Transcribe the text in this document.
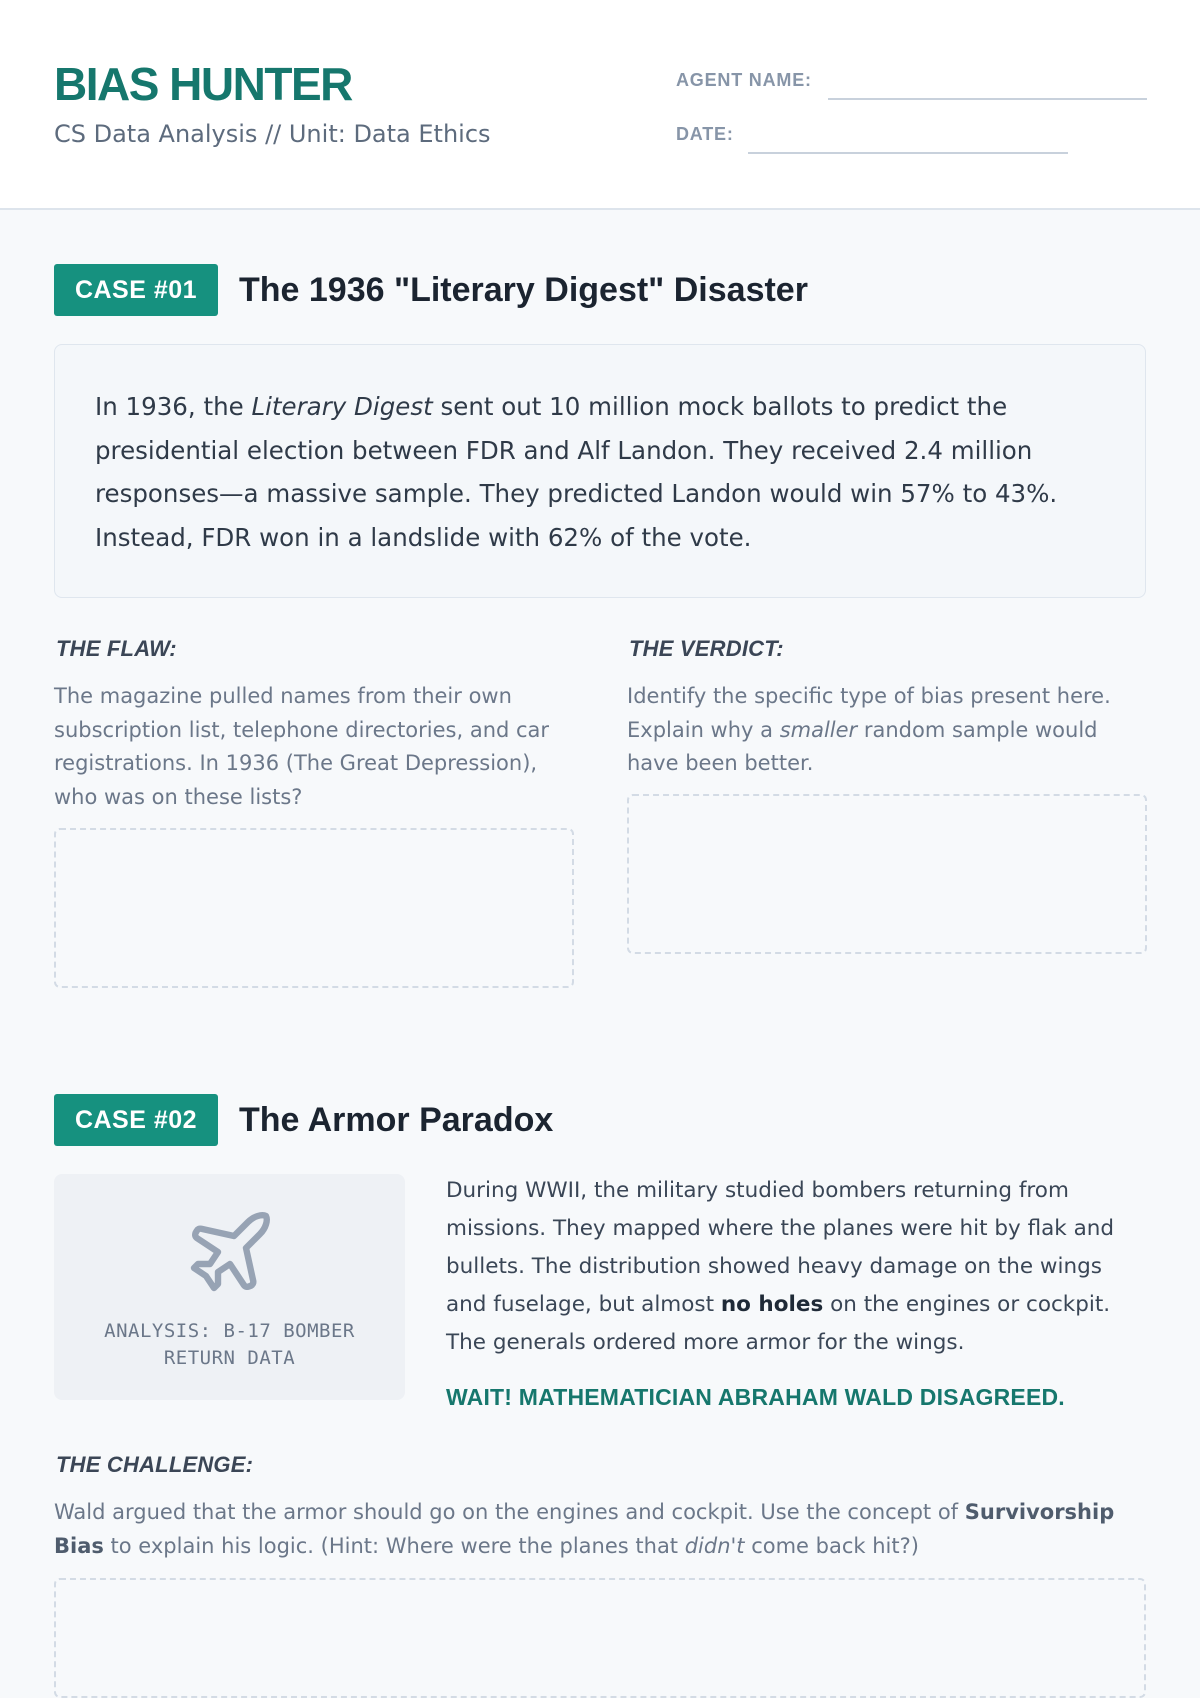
BIAS HUNTER
CS Data Analysis // Unit: Data Ethics
AGENT NAME:
DATE:
CASE #01	The 1936 "Literary Digest" Disaster
In 1936, the Literary Digest sent out 10 million mock ballots to predict the presidential election between FDR and Alf Landon. They received 2.4 million responses—a massive sample. They predicted Landon would win 57% to 43%. Instead, FDR won in a landslide with 62% of the vote.
THE FLAW:
The magazine pulled names from their own subscription list, telephone directories, and car registrations. In 1936 (The Great Depression), who was on these lists?
THE VERDICT:
Identify the specific type of bias present here. Explain why a smaller random sample would have been better.
CASE #02	The Armor Paradox
ANALYSIS: B-17 BOMBER
RETURN DATA
During WWII, the military studied bombers returning from missions. They mapped where the planes were hit by flak and bullets. The distribution showed heavy damage on the wings and fuselage, but almost no holes on the engines or cockpit. The generals ordered more armor for the wings.
WAIT! MATHEMATICIAN ABRAHAM WALD DISAGREED.
THE CHALLENGE:
Wald argued that the armor should go on the engines and cockpit. Use the concept of Survivorship Bias to explain his logic. (Hint: Where were the planes that didn't come back hit?)
